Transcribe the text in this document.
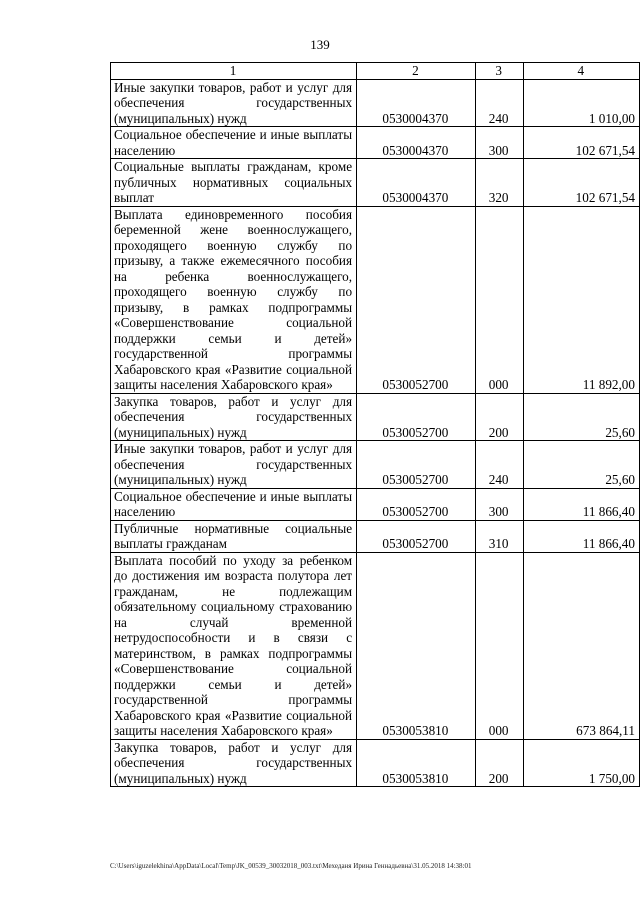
139
1	2	3	4
Иные закупки товаров, работ и услуг для обеспечения государственных (муниципальных) нужд	0530004370	240	1 010,00
Социальное обеспечение и иные выплаты населению	0530004370	300	102 671,54
Социальные выплаты гражданам, кроме публичных нормативных социальных выплат	0530004370	320	102 671,54
Выплата единовременного пособия беременной жене военнослужащего, проходящего военную службу по призыву, а также ежемесячного пособия на ребенка военнослужащего, проходящего военную службу по призыву, в рамках подпрограммы «Совершенствование социальной поддержки семьи и детей» государственной программы Хабаровского края «Развитие социальной защиты населения Хабаровского края»	0530052700	000	11 892,00
Закупка товаров, работ и услуг для обеспечения государственных (муниципальных) нужд	0530052700	200	25,60
Иные закупки товаров, работ и услуг для обеспечения государственных (муниципальных) нужд	0530052700	240	25,60
Социальное обеспечение и иные выплаты населению	0530052700	300	11 866,40
Публичные нормативные социальные выплаты гражданам	0530052700	310	11 866,40
Выплата пособий по уходу за ребенком до достижения им возраста полутора лет гражданам, не подлежащим обязательному социальному страхованию на случай временной нетрудоспособности и в связи с материнством, в рамках подпрограммы «Совершенствование социальной поддержки семьи и детей» государственной программы Хабаровского края «Развитие социальной защиты населения Хабаровского края»	0530053810	000	673 864,11
Закупка товаров, работ и услуг для обеспечения государственных (муниципальных) нужд	0530053810	200	1 750,00
C:\Users\iguzelekhina\AppData\Local\Temp\JK_00539_30032018_003.txt\Мехеданя Ирина Геннадьевна\31.05.2018 14:38:01
